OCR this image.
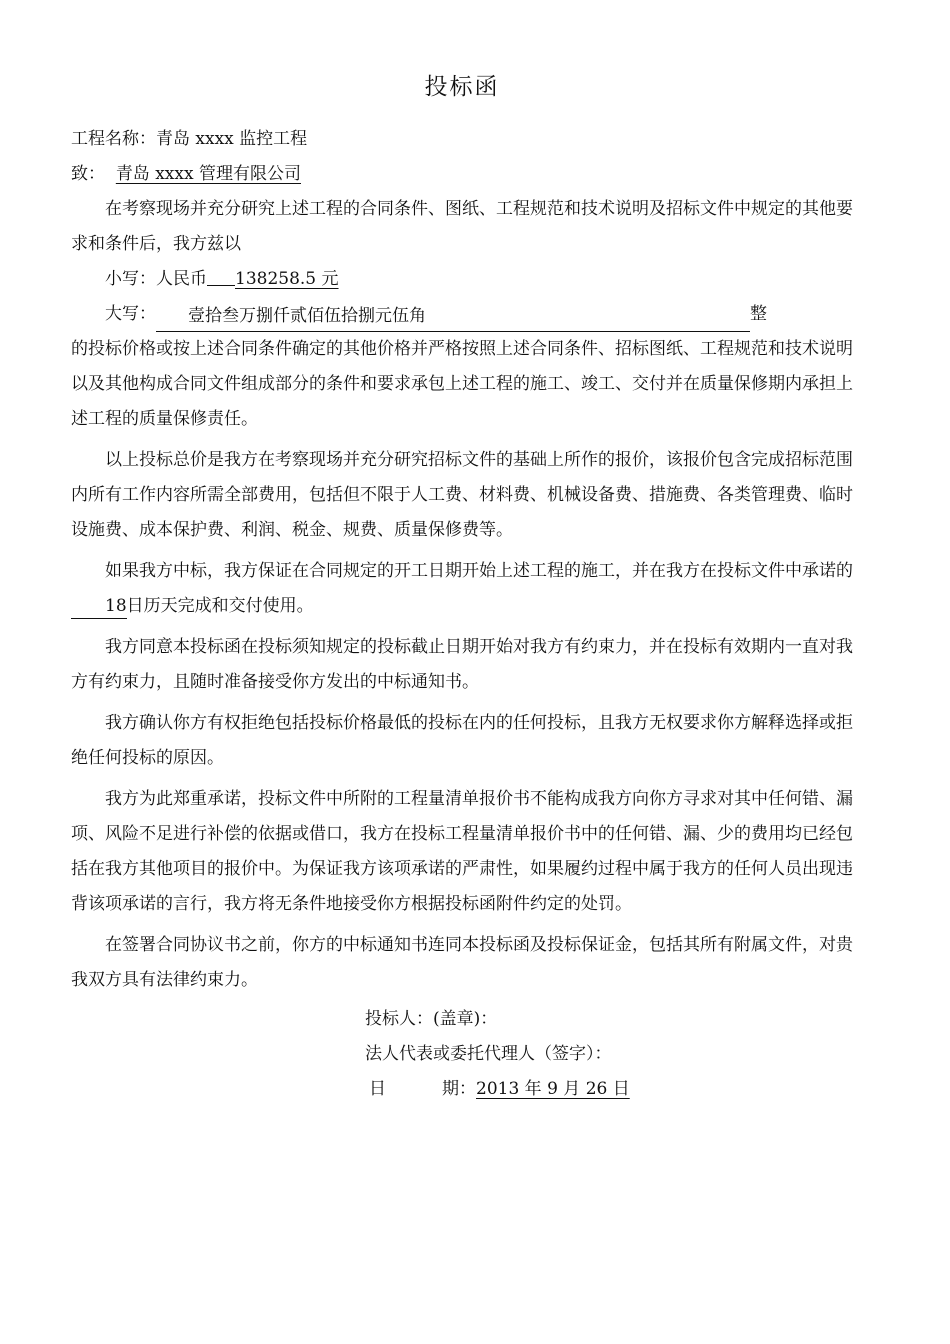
投标函
工程名称：青岛 xxxx 监控工程
致： 青岛 xxxx 管理有限公司

在考察现场并充分研究上述工程的合同条件、图纸、工程规范和技术说明及招标文件中规定的其他要求和条件后，我方兹以

小写：人民币 138258.5 元
大写： 壹拾叁万捌仟贰佰伍拾捌元伍角	整

的投标价格或按上述合同条件确定的其他价格并严格按照上述合同条件、招标图纸、工程规范和技术说明以及其他构成合同文件组成部分的条件和要求承包上述工程的施工、竣工、交付并在质量保修期内承担上述工程的质量保修责任。

以上投标总价是我方在考察现场并充分研究招标文件的基础上所作的报价，该报价包含完成招标范围内所有工作内容所需全部费用，包括但不限于人工费、材料费、机械设备费、措施费、各类管理费、临时设施费、成本保护费、利润、税金、规费、质量保修费等。

如果我方中标，我方保证在合同规定的开工日期开始上述工程的施工，并在我方在投标文件中承诺的18日历天完成和交付使用。

我方同意本投标函在投标须知规定的投标截止日期开始对我方有约束力，并在投标有效期内一直对我方有约束力，且随时准备接受你方发出的中标通知书。

我方确认你方有权拒绝包括投标价格最低的投标在内的任何投标，且我方无权要求你方解释选择或拒绝任何投标的原因。

我方为此郑重承诺，投标文件中所附的工程量清单报价书不能构成我方向你方寻求对其中任何错、漏项、风险不足进行补偿的依据或借口，我方在投标工程量清单报价书中的任何错、漏、少的费用均已经包括在我方其他项目的报价中。为保证我方该项承诺的严肃性，如果履约过程中属于我方的任何人员出现违背该项承诺的言行，我方将无条件地接受你方根据投标函附件约定的处罚。

在签署合同协议书之前，你方的中标通知书连同本投标函及投标保证金，包括其所有附属文件，对贵我双方具有法律约束力。

投标人：(盖章)：
法人代表或委托代理人（签字）：
日	期：2013 年 9 月 26 日
